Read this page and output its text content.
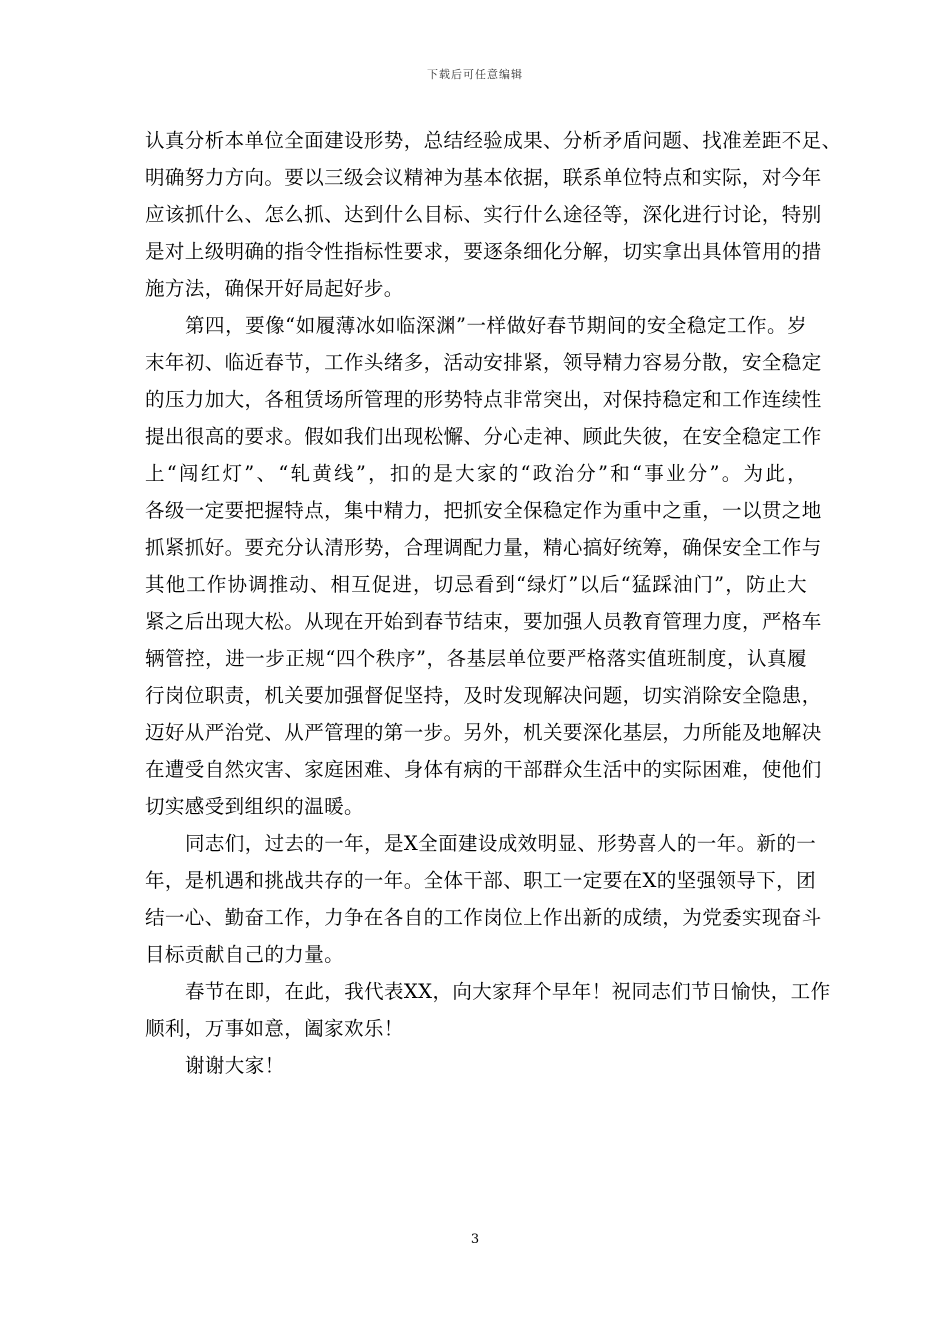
下载后可任意编辑
认真分析本单位全面建设形势，总结经验成果、分析矛盾问题、找准差距不足、
明确努力方向。要以三级会议精神为基本依据，联系单位特点和实际，对今年
应该抓什么、怎么抓、达到什么目标、实行什么途径等，深化进行讨论，特别
是对上级明确的指令性指标性要求，要逐条细化分解，切实拿出具体管用的措
施方法，确保开好局起好步。
第四，要像“如履薄冰如临深渊”一样做好春节期间的安全稳定工作。岁
末年初、临近春节，工作头绪多，活动安排紧，领导精力容易分散，安全稳定
的压力加大，各租赁场所管理的形势特点非常突出，对保持稳定和工作连续性
提出很高的要求。假如我们出现松懈、分心走神、顾此失彼，在安全稳定工作
上“闯红灯”、“轧黄线”，扣的是大家的“政治分”和“事业分”。为此，
各级一定要把握特点，集中精力，把抓安全保稳定作为重中之重，一以贯之地
抓紧抓好。要充分认清形势，合理调配力量，精心搞好统筹，确保安全工作与
其他工作协调推动、相互促进，切忌看到“绿灯”以后“猛踩油门”，防止大
紧之后出现大松。从现在开始到春节结束，要加强人员教育管理力度，严格车
辆管控，进一步正规“四个秩序”，各基层单位要严格落实值班制度，认真履
行岗位职责，机关要加强督促坚持，及时发现解决问题，切实消除安全隐患，
迈好从严治党、从严管理的第一步。另外，机关要深化基层，力所能及地解决
在遭受自然灾害、家庭困难、身体有病的干部群众生活中的实际困难，使他们
切实感受到组织的温暖。
同志们，过去的一年，是X全面建设成效明显、形势喜人的一年。新的一
年，是机遇和挑战共存的一年。全体干部、职工一定要在X的坚强领导下，团
结一心、勤奋工作，力争在各自的工作岗位上作出新的成绩，为党委实现奋斗
目标贡献自己的力量。
春节在即，在此，我代表XX，向大家拜个早年！祝同志们节日愉快，工作
顺利，万事如意，阖家欢乐！
谢谢大家！
3
